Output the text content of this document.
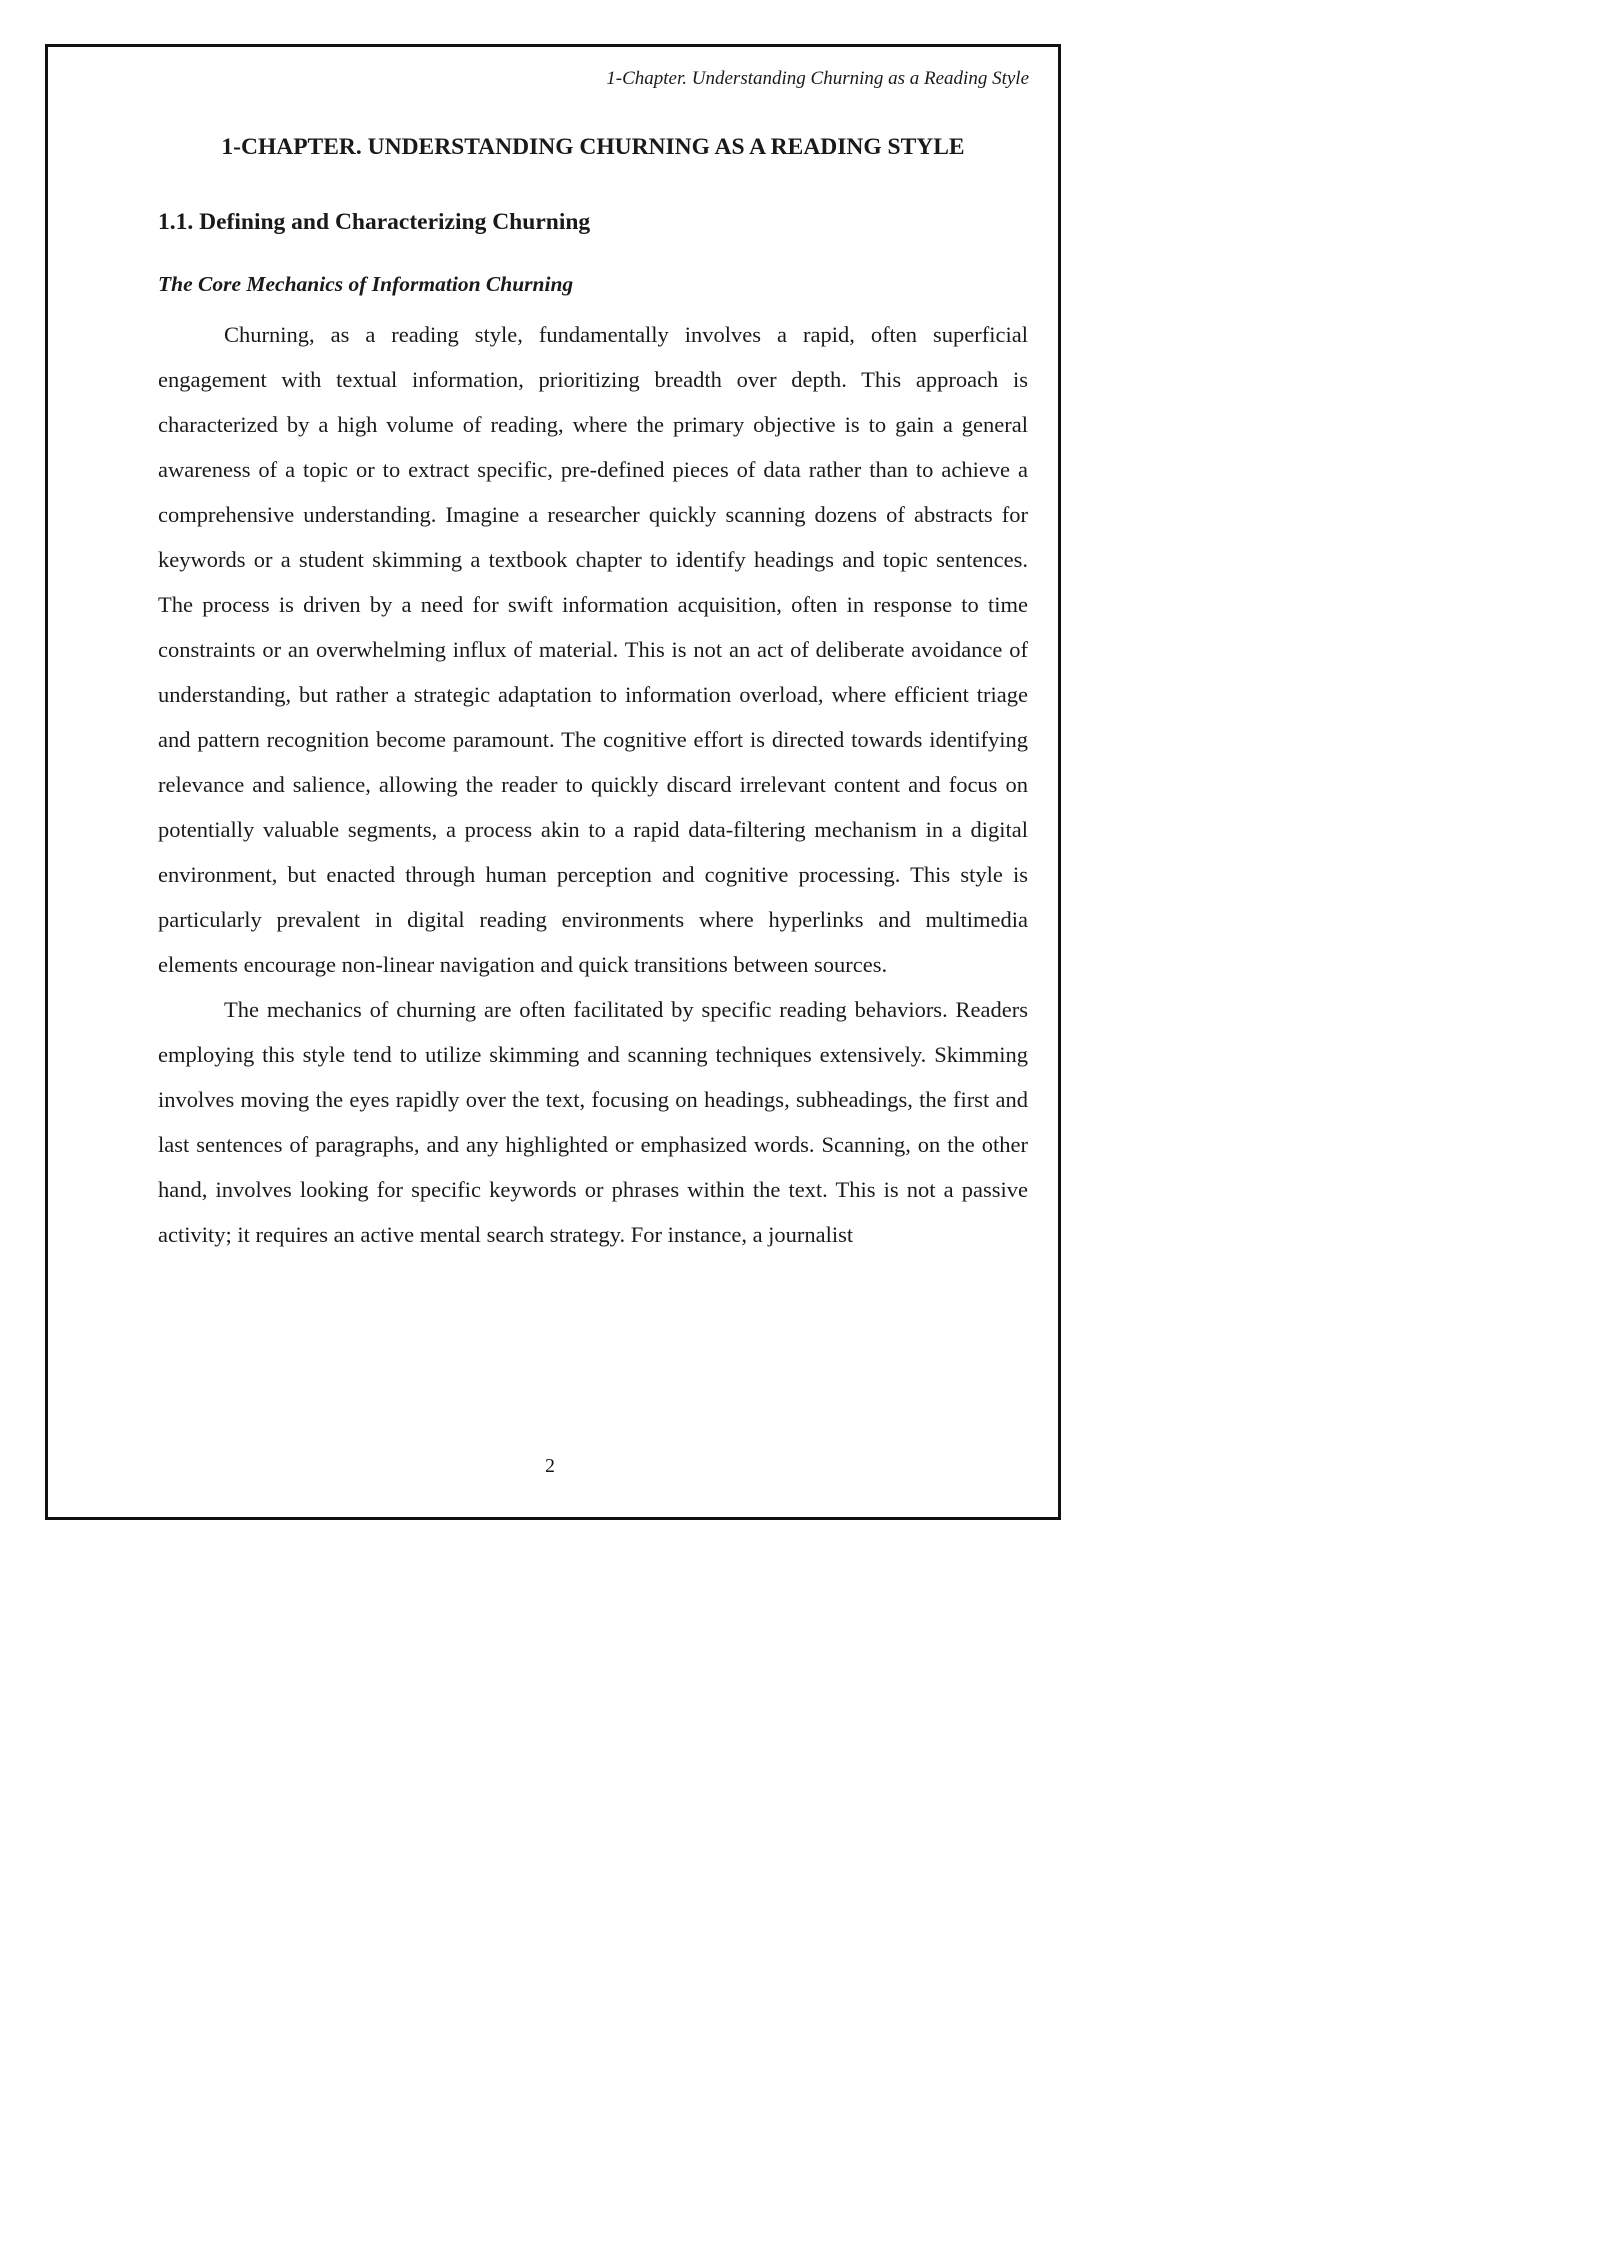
1-Chapter. Understanding Churning as a Reading Style
1-CHAPTER. UNDERSTANDING CHURNING AS A READING STYLE
1.1. Defining and Characterizing Churning
The Core Mechanics of Information Churning

Churning, as a reading style, fundamentally involves a rapid, often superficial engagement with textual information, prioritizing breadth over depth. This approach is characterized by a high volume of reading, where the primary objective is to gain a general awareness of a topic or to extract specific, pre-defined pieces of data rather than to achieve a comprehensive understanding. Imagine a researcher quickly scanning dozens of abstracts for keywords or a student skimming a textbook chapter to identify headings and topic sentences. The process is driven by a need for swift information acquisition, often in response to time constraints or an overwhelming influx of material. This is not an act of deliberate avoidance of understanding, but rather a strategic adaptation to information overload, where efficient triage and pattern recognition become paramount. The cognitive effort is directed towards identifying relevance and salience, allowing the reader to quickly discard irrelevant content and focus on potentially valuable segments, a process akin to a rapid data-filtering mechanism in a digital environment, but enacted through human perception and cognitive processing. This style is particularly prevalent in digital reading environments where hyperlinks and multimedia elements encourage non-linear navigation and quick transitions between sources.

The mechanics of churning are often facilitated by specific reading behaviors. Readers employing this style tend to utilize skimming and scanning techniques extensively. Skimming involves moving the eyes rapidly over the text, focusing on headings, subheadings, the first and last sentences of paragraphs, and any highlighted or emphasized words. Scanning, on the other hand, involves looking for specific keywords or phrases within the text. This is not a passive activity; it requires an active mental search strategy. For instance, a journalist

2
